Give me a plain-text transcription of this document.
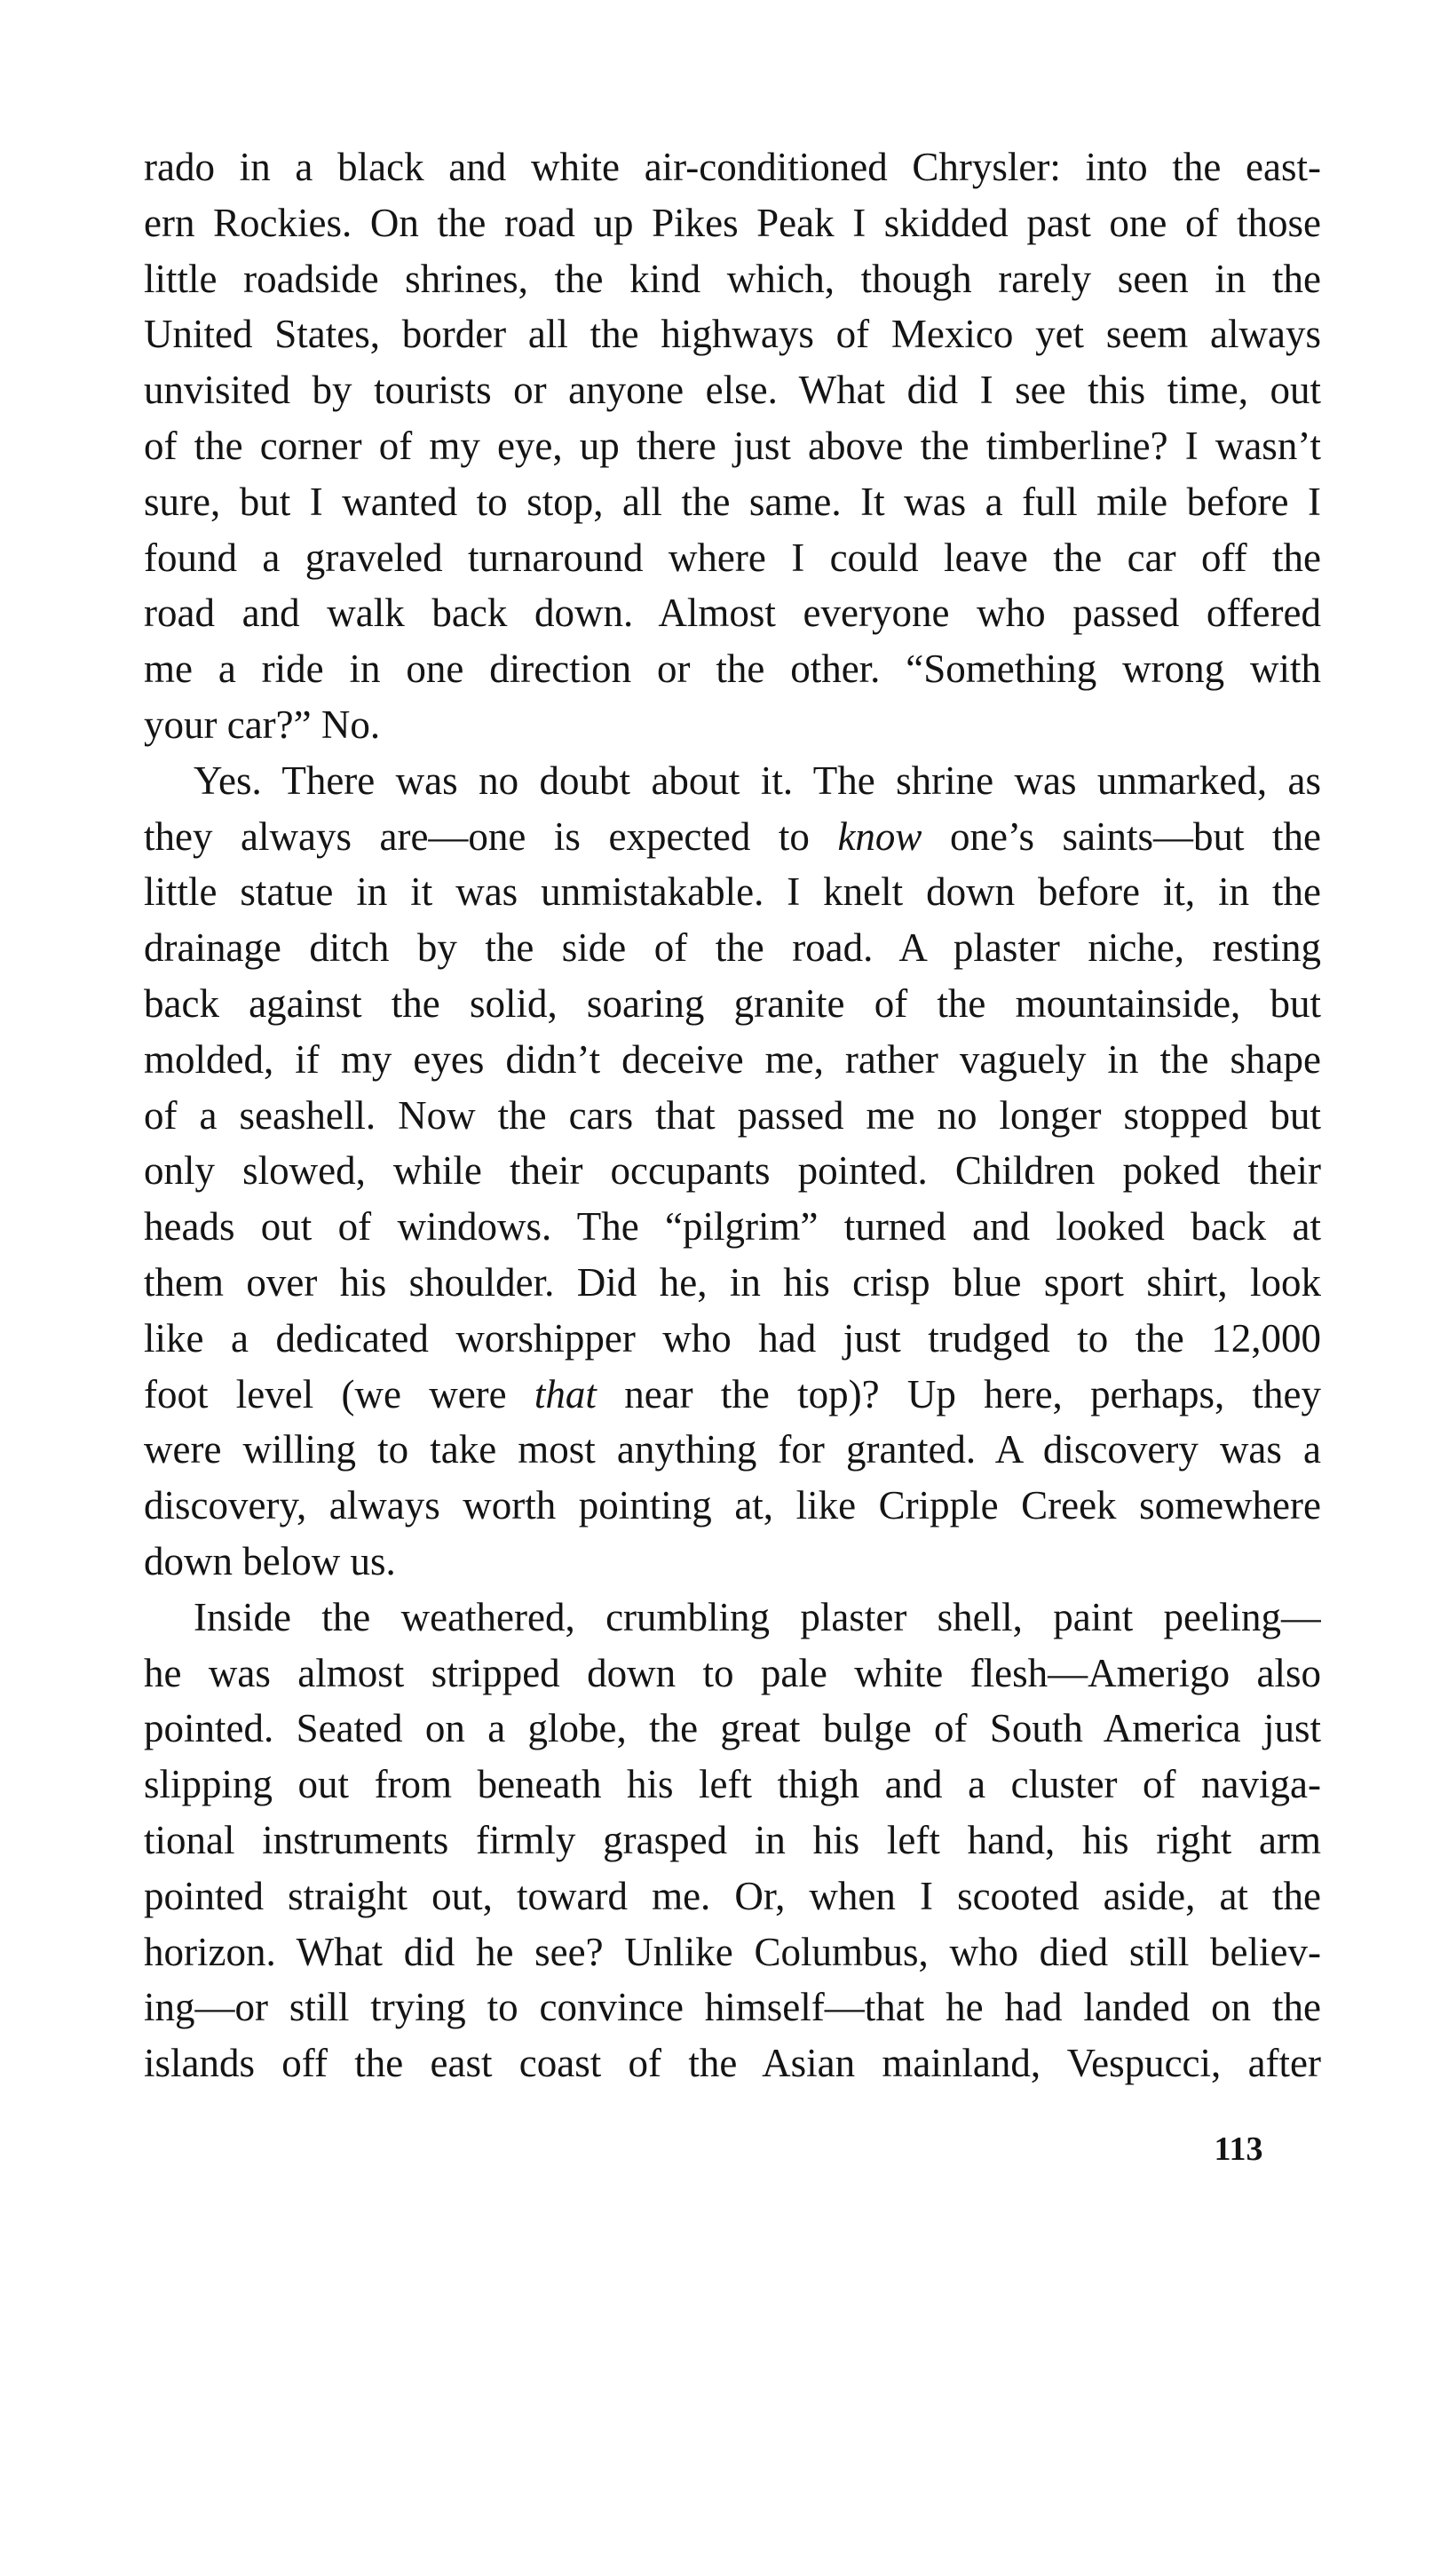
rado in a black and white air-conditioned Chrysler: into the east-
ern Rockies. On the road up Pikes Peak I skidded past one of those
little roadside shrines, the kind which, though rarely seen in the
United States, border all the highways of Mexico yet seem always
unvisited by tourists or anyone else. What did I see this time, out
of the corner of my eye, up there just above the timberline? I wasn’t
sure, but I wanted to stop, all the same. It was a full mile before I
found a graveled turnaround where I could leave the car off the
road and walk back down. Almost everyone who passed offered
me a ride in one direction or the other. “Something wrong with
your car?” No.
Yes. There was no doubt about it. The shrine was unmarked, as
they always are—one is expected to know one’s saints—but the
little statue in it was unmistakable. I knelt down before it, in the
drainage ditch by the side of the road. A plaster niche, resting
back against the solid, soaring granite of the mountainside, but
molded, if my eyes didn’t deceive me, rather vaguely in the shape
of a seashell. Now the cars that passed me no longer stopped but
only slowed, while their occupants pointed. Children poked their
heads out of windows. The “pilgrim” turned and looked back at
them over his shoulder. Did he, in his crisp blue sport shirt, look
like a dedicated worshipper who had just trudged to the 12,000
foot level (we were that near the top)? Up here, perhaps, they
were willing to take most anything for granted. A discovery was a
discovery, always worth pointing at, like Cripple Creek somewhere
down below us.
Inside the weathered, crumbling plaster shell, paint peeling—
he was almost stripped down to pale white flesh—Amerigo also
pointed. Seated on a globe, the great bulge of South America just
slipping out from beneath his left thigh and a cluster of naviga-
tional instruments firmly grasped in his left hand, his right arm
pointed straight out, toward me. Or, when I scooted aside, at the
horizon. What did he see? Unlike Columbus, who died still believ-
ing—or still trying to convince himself—that he had landed on the
islands off the east coast of the Asian mainland, Vespucci, after
113
